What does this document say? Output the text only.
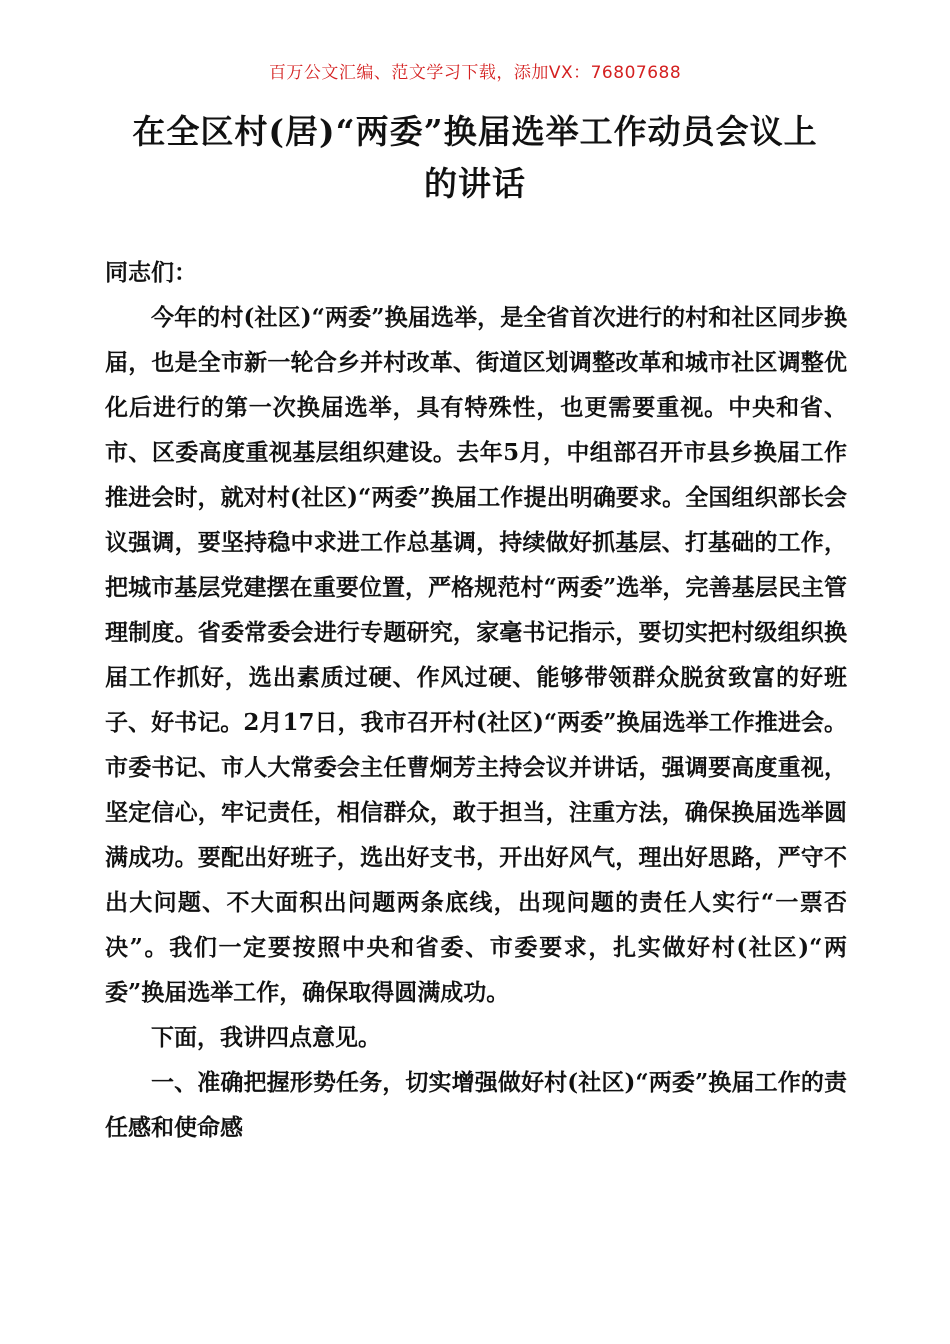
百万公文汇编、范文学习下载，添加VX：76807688
在全区村(居)“两委”换届选举工作动员会议上
的讲话

同志们：

今年的村(社区)“两委”换届选举，是全省首次进行的村和社区同步换届，也是全市新一轮合乡并村改革、街道区划调整改革和城市社区调整优化后进行的第一次换届选举，具有特殊性，也更需要重视。中央和省、市、区委高度重视基层组织建设。去年5月，中组部召开市县乡换届工作推进会时，就对村(社区)“两委”换届工作提出明确要求。全国组织部长会议强调，要坚持稳中求进工作总基调，持续做好抓基层、打基础的工作，把城市基层党建摆在重要位置，严格规范村“两委”选举，完善基层民主管理制度。省委常委会进行专题研究，家毫书记指示，要切实把村级组织换届工作抓好，选出素质过硬、作风过硬、能够带领群众脱贫致富的好班子、好书记。2月17日，我市召开村(社区)“两委”换届选举工作推进会。市委书记、市人大常委会主任曹炯芳主持会议并讲话，强调要高度重视，坚定信心，牢记责任，相信群众，敢于担当，注重方法，确保换届选举圆满成功。要配出好班子，选出好支书，开出好风气，理出好思路，严守不出大问题、不大面积出问题两条底线，出现问题的责任人实行“一票否决”。我们一定要按照中央和省委、市委要求，扎实做好村(社区)“两委”换届选举工作，确保取得圆满成功。

下面，我讲四点意见。

一、准确把握形势任务，切实增强做好村(社区)“两委”换届工作的责任感和使命感
